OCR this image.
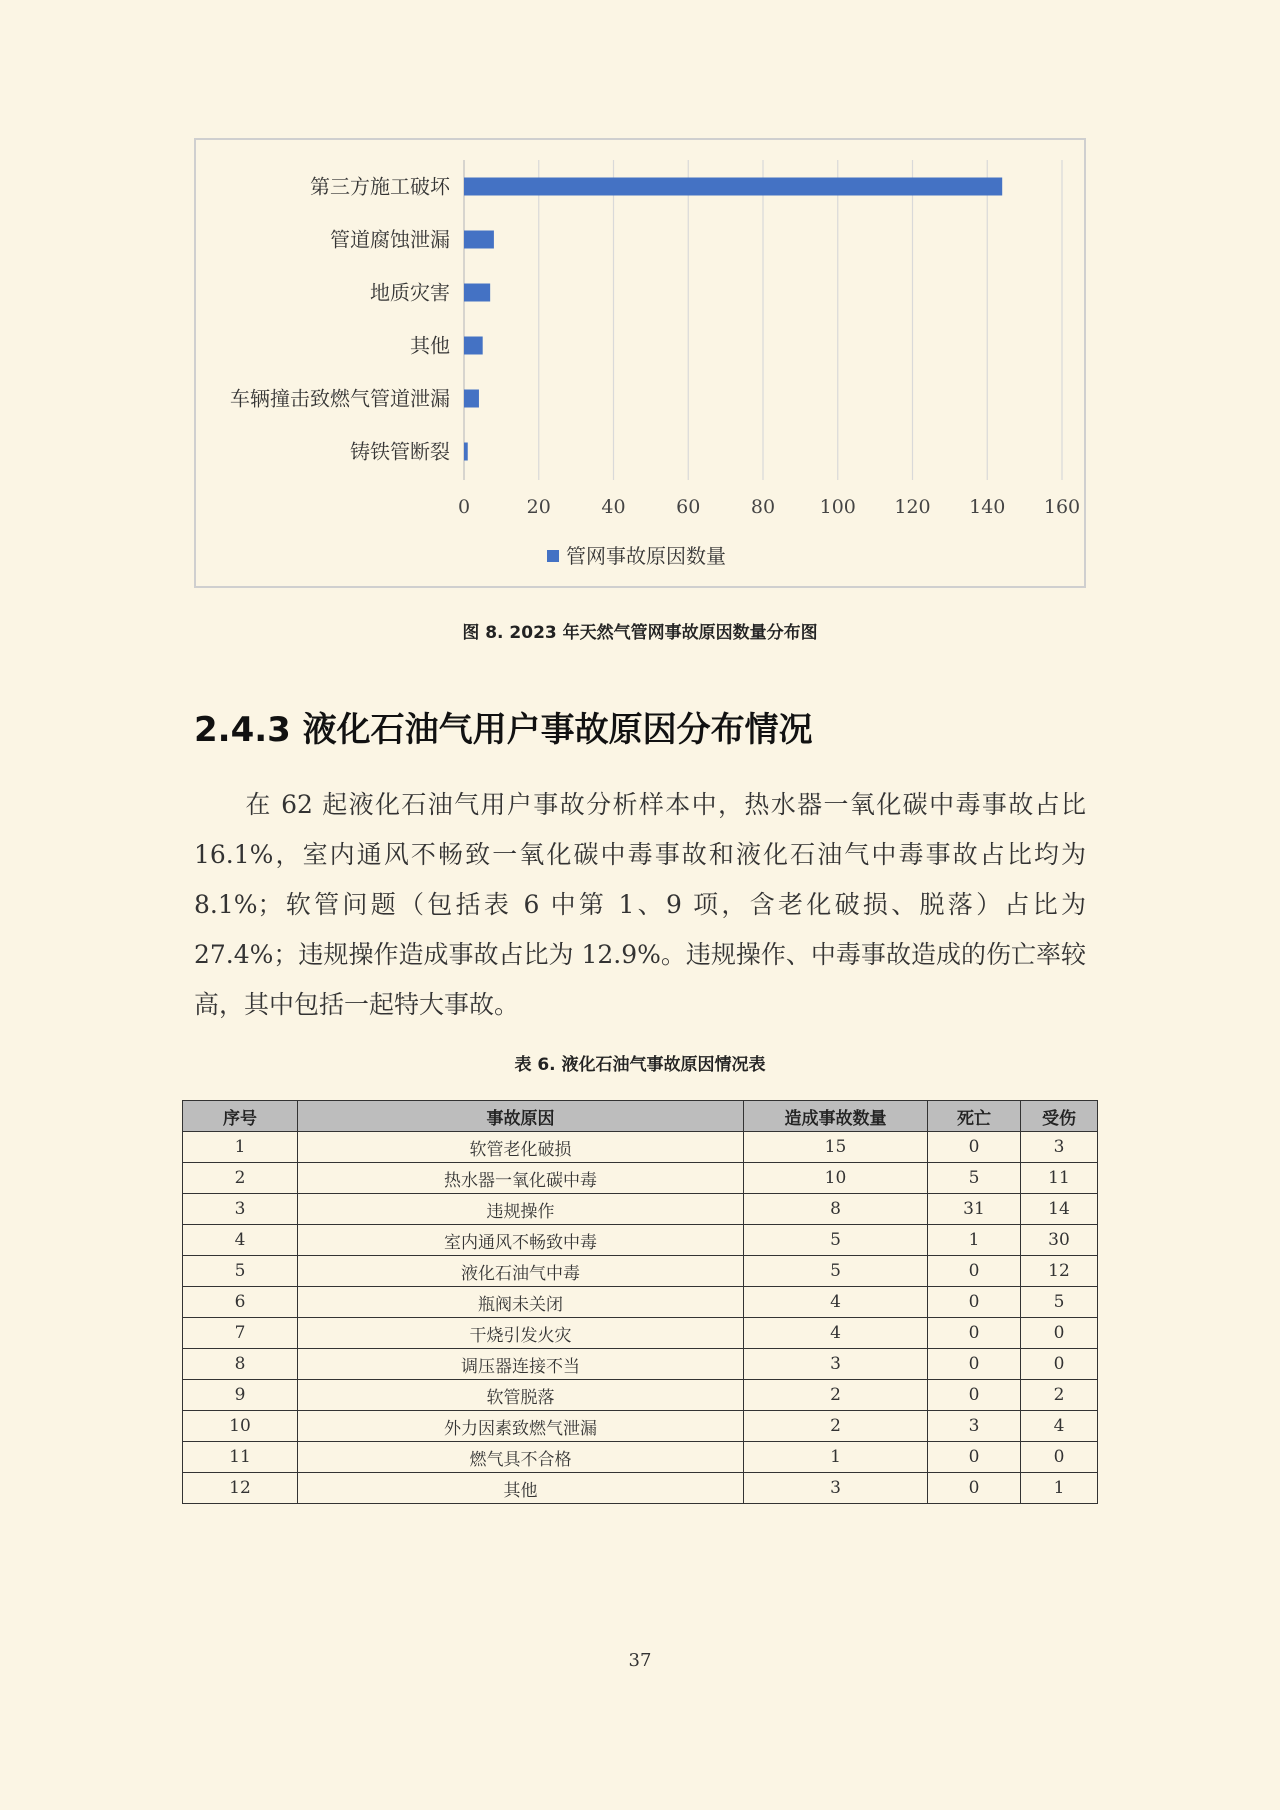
0	20	40	60	80 100 120 140 160
第三方施工破坏
管道腐蚀泄漏
地质灾害
其他
车辆撞击致燃气管道泄漏
铸铁管断裂
管网事故原因数量
图 8. 2023 年天然气管网事故原因数量分布图
2.4.3 液化石油气用户事故原因分布情况
在 62 起液化石油气用户事故分析样本中，热水器一氧化碳中毒事故占比 16.1%，室内通风不畅致一氧化碳中毒事故和液化石油气中毒事故占比均为 8.1%；软管问题（包括表 6 中第 1、9 项，含老化破损、脱落）占比为 27.4%；违规操作造成事故占比为 12.9%。违规操作、中毒事故造成的伤亡率较高，其中包括一起特大事故。
表 6. 液化石油气事故原因情况表
序号	事故原因	造成事故数量	死亡	受伤
1	软管老化破损	15	0	3
2	热水器一氧化碳中毒	10	5	11
3	违规操作	8	31	14
4	室内通风不畅致中毒	5	1	30
5	液化石油气中毒	5	0	12
6	瓶阀未关闭	4	0	5
7	干烧引发火灾	4	0	0
8	调压器连接不当	3	0	0
9	软管脱落	2	0	2
10	外力因素致燃气泄漏	2	3	4
11	燃气具不合格	1	0	0
12	其他	3	0	1
37
